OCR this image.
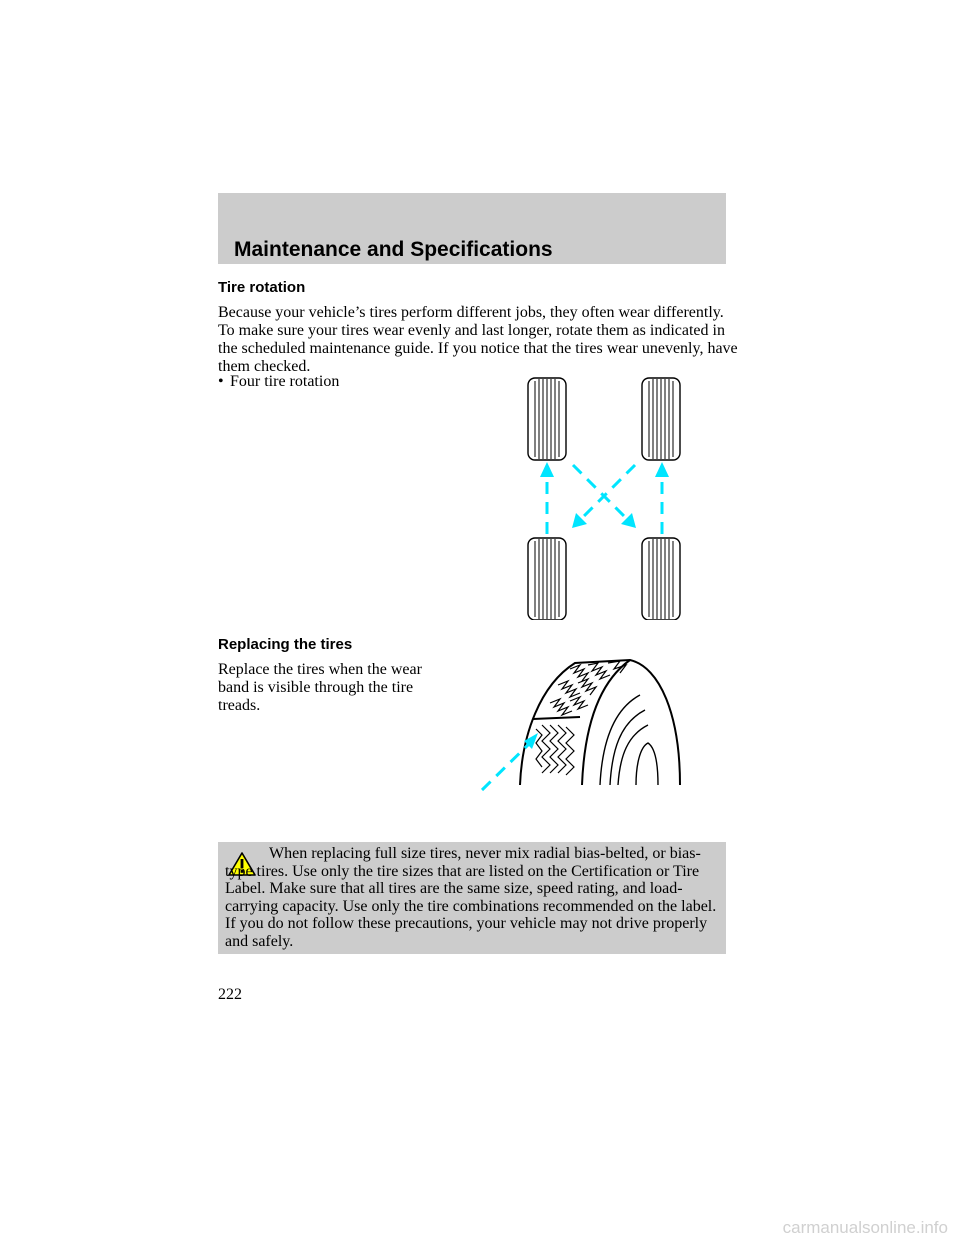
Maintenance and Specifications
Tire rotation

Because your vehicle’s tires perform different jobs, they often wear differently. To make sure your tires wear evenly and last longer, rotate them as indicated in the scheduled maintenance guide. If you notice that the tires wear unevenly, have them checked.

• Four tire rotation

Replacing the tires

Replace the tires when the wear band is visible through the tire treads.

When replacing full size tires, never mix radial bias-belted, or bias-type tires. Use only the tire sizes that are listed on the Certification or Tire Label. Make sure that all tires are the same size, speed rating, and load-carrying capacity. Use only the tire combinations recommended on the label. If you do not follow these precautions, your vehicle may not drive properly and safely.

222

carmanualsonline.info
